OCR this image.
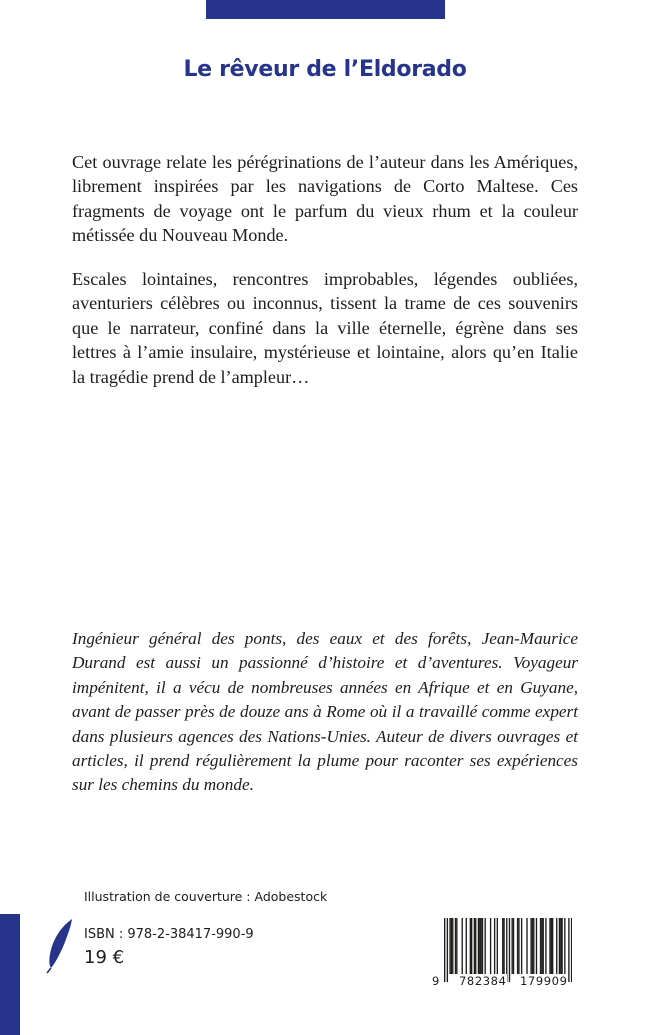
Le rêveur de l’Eldorado

Cet ouvrage relate les pérégrinations de l’auteur dans les Amériques, librement inspirées par les navigations de Corto Maltese. Ces fragments de voyage ont le parfum du vieux rhum et la couleur métissée du Nouveau Monde.

Escales lointaines, rencontres improbables, légendes oubliées, aventuriers célèbres ou inconnus, tissent la trame de ces souvenirs que le narrateur, confiné dans la ville éternelle, égrène dans ses lettres à l’amie insulaire, mystérieuse et lointaine, alors qu’en Italie la tragédie prend de l’ampleur…

Ingénieur général des ponts, des eaux et des forêts, Jean-Maurice Durand est aussi un passionné d’histoire et d’aventures. Voyageur impénitent, il a vécu de nombreuses années en Afrique et en Guyane, avant de passer près de douze ans à Rome où il a travaillé comme expert dans plusieurs agences des Nations-Unies. Auteur de divers ouvrages et articles, il prend régulièrement la plume pour raconter ses expériences sur les chemins du monde.

Illustration de couverture : Adobestock
ISBN : 978-2-38417-990-9
19 €
9 782384 179909
